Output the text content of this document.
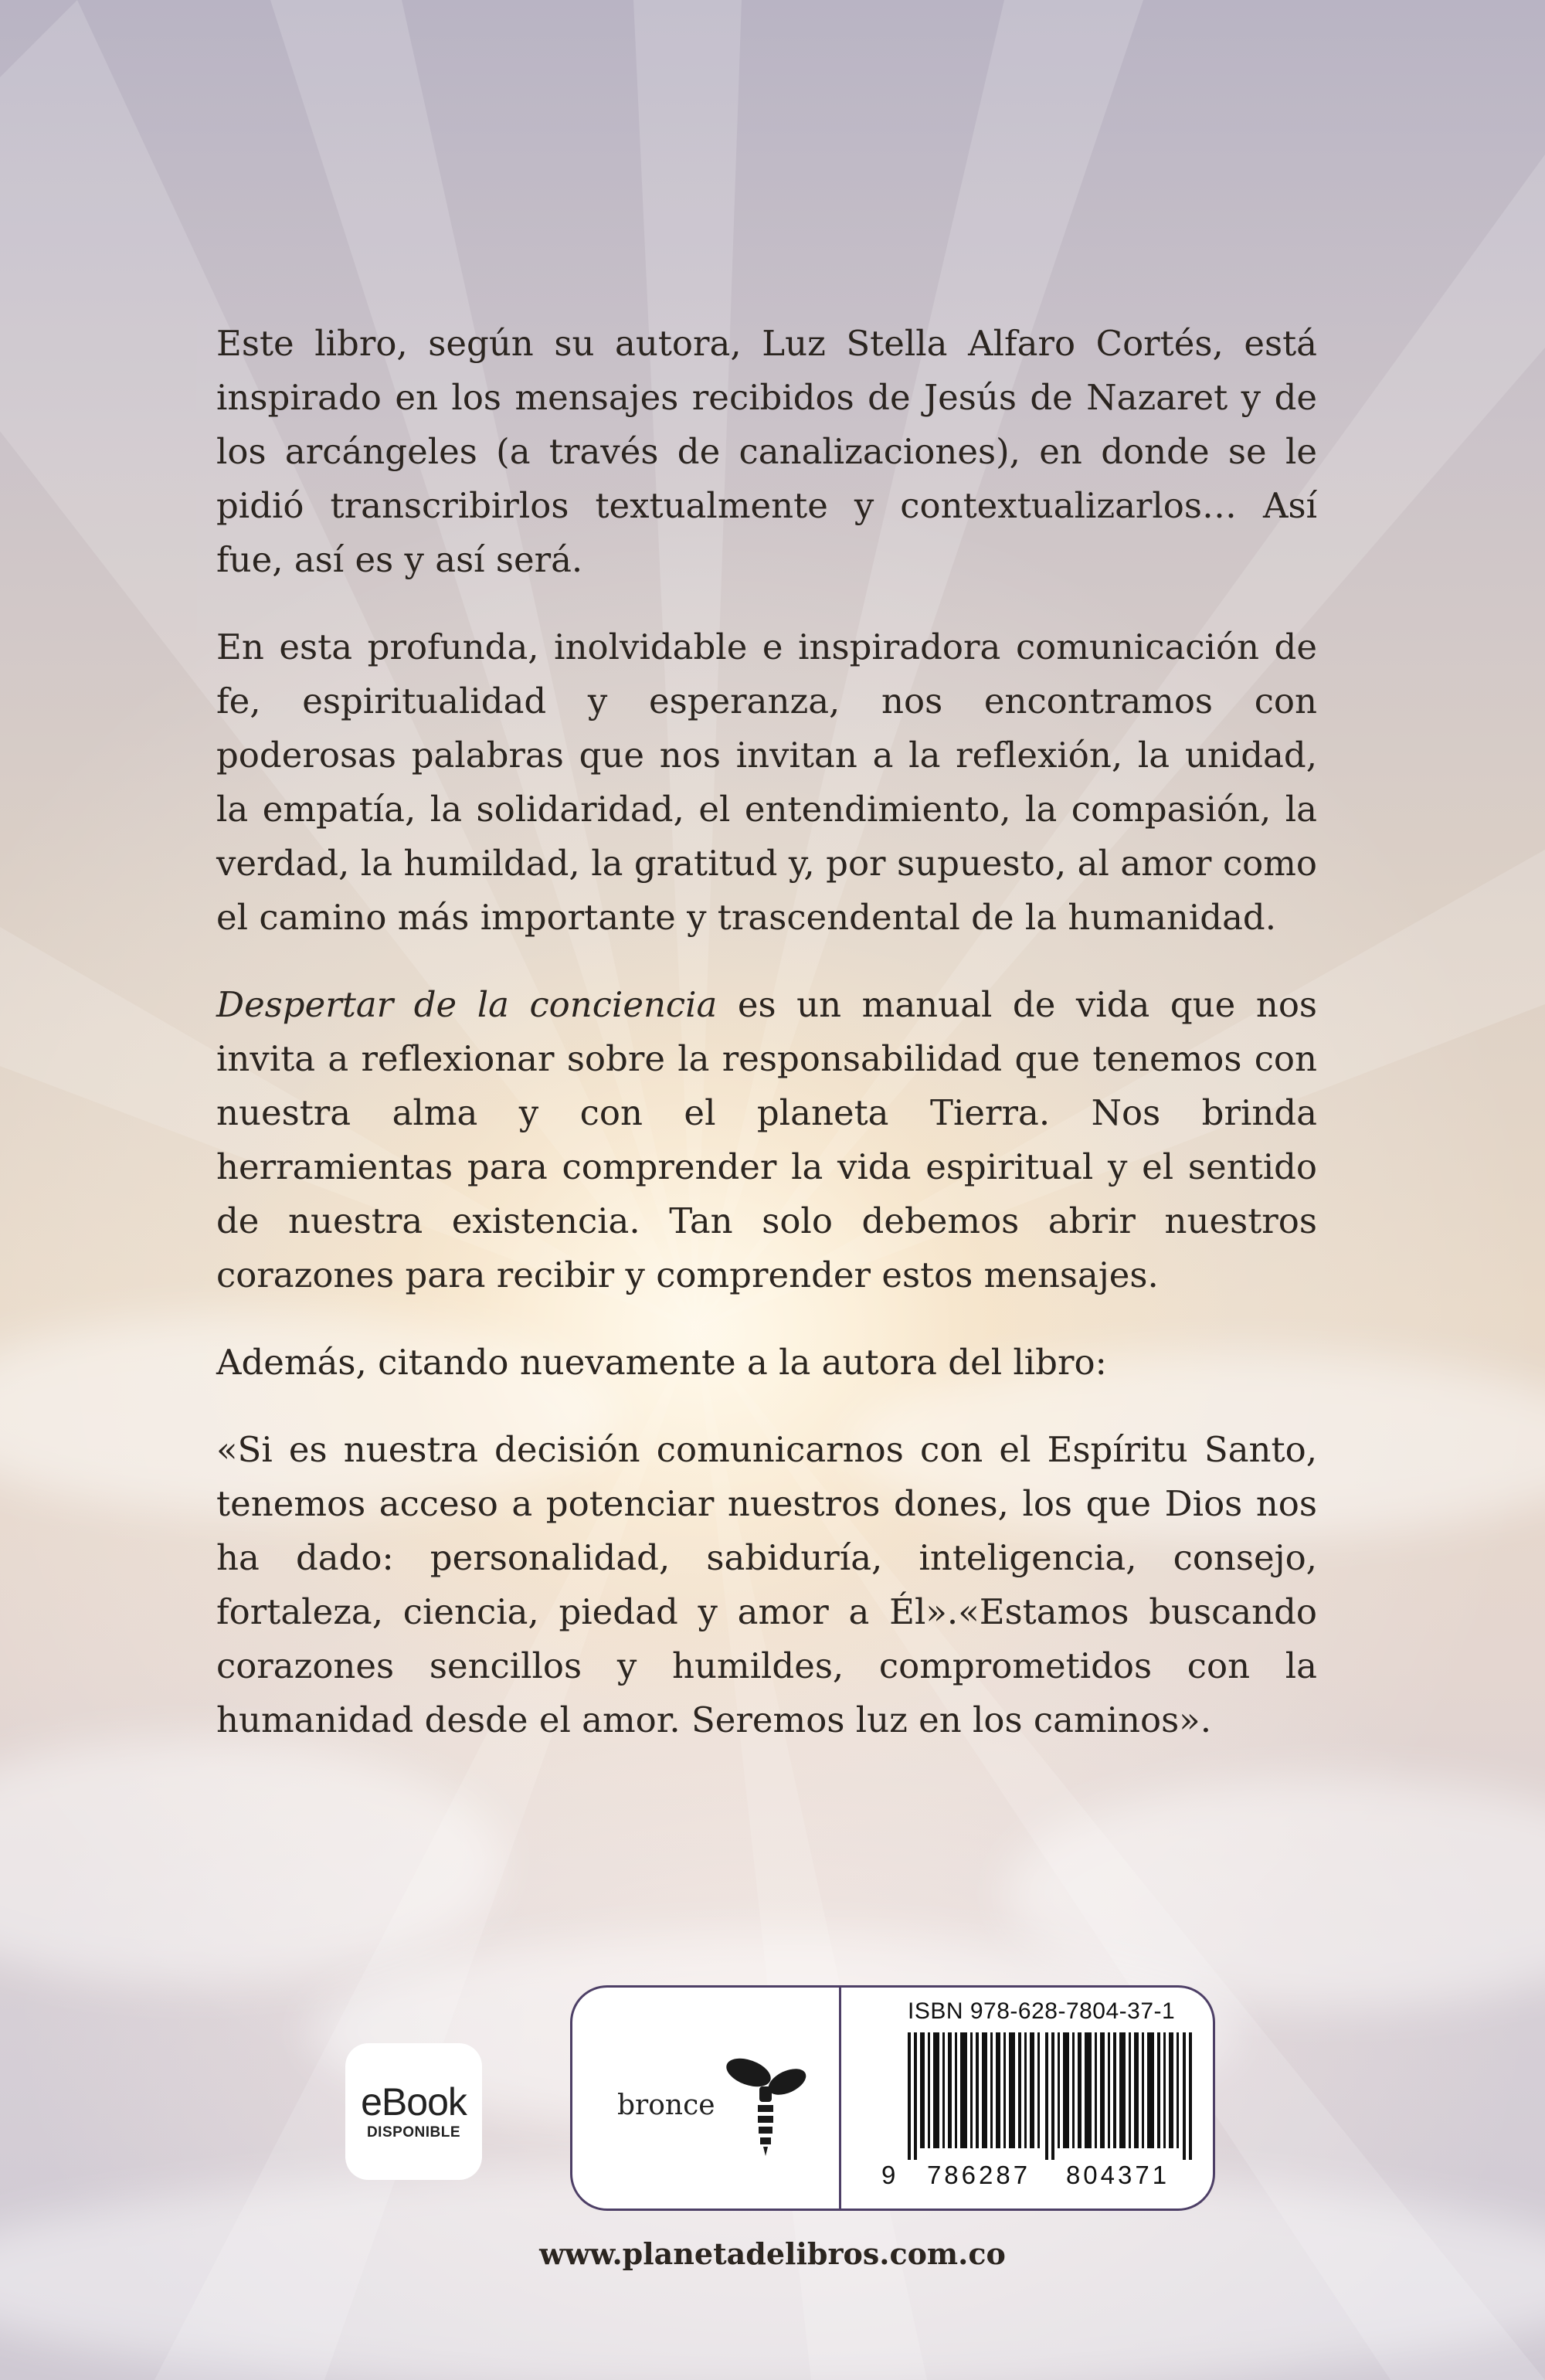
Este libro, según su autora, Luz Stella Alfaro Cortés, está inspirado en los mensajes recibidos de Jesús de Nazaret y de los arcángeles (a través de canalizaciones), en donde se le pidió transcribirlos textualmente y contextualizarlos… Así fue, así es y así será.

En esta profunda, inolvidable e inspiradora comunicación de fe, espiritualidad y esperanza, nos encontramos con poderosas palabras que nos invitan a la reflexión, la unidad, la empatía, la solidaridad, el entendimiento, la compasión, la verdad, la humildad, la gratitud y, por supuesto, al amor como el camino más importante y trascendental de la humanidad.

Despertar de la conciencia es un manual de vida que nos invita a reflexionar sobre la responsabilidad que tenemos con nuestra alma y con el planeta Tierra. Nos brinda herramientas para comprender la vida espiritual y el sentido de nuestra existencia. Tan solo debemos abrir nuestros corazones para recibir y comprender estos mensajes.

Además, citando nuevamente a la autora del libro:

«Si es nuestra decisión comunicarnos con el Espíritu Santo, tenemos acceso a potenciar nuestros dones, los que Dios nos ha dado: personalidad, sabiduría, inteligencia, consejo, fortaleza, ciencia, piedad y amor a Él».«Estamos buscando corazones sencillos y humildes, comprometidos con la humanidad desde el amor. Seremos luz en los caminos».

eBook
DISPONIBLE
bronce
ISBN 978-628-7804-37-1
9	786287	804371
www.planetadelibros.com.co
